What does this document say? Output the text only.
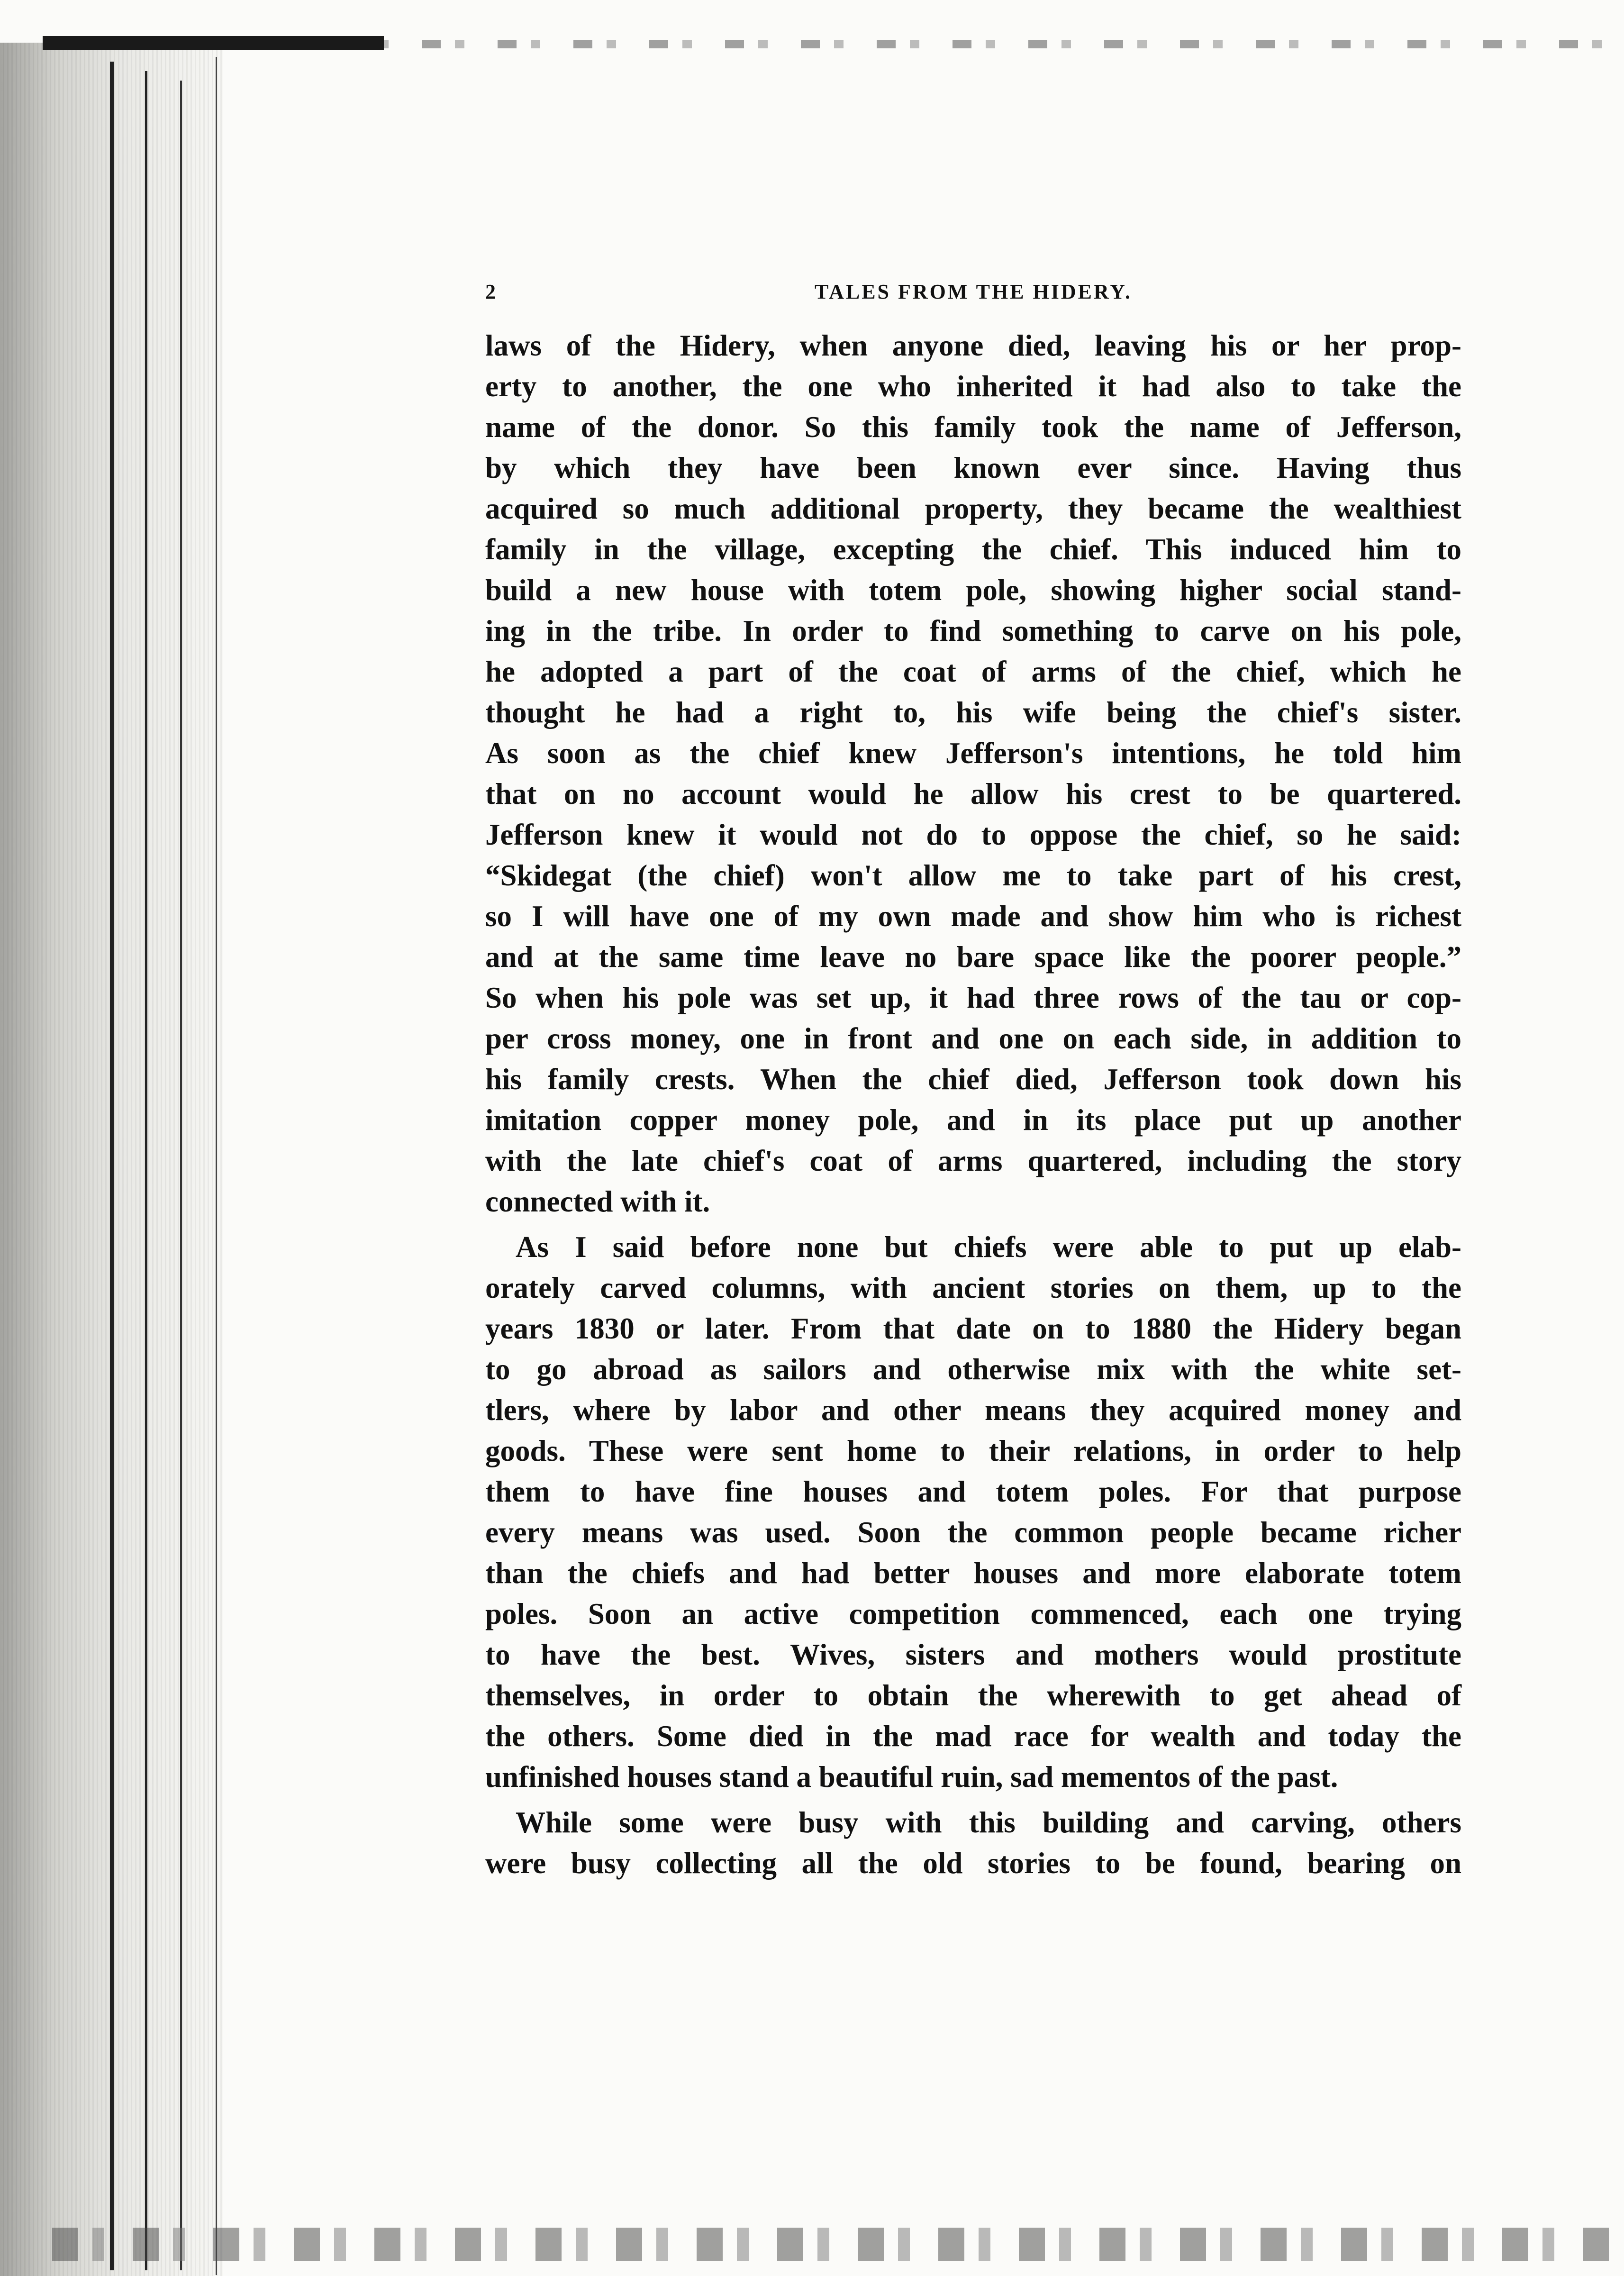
2	TALES FROM THE HIDERY.
laws of the Hidery, when anyone died, leaving his or her prop-
erty to another, the one who inherited it had also to take the
name of the donor. So this family took the name of Jefferson,
by which they have been known ever since. Having thus
acquired so much additional property, they became the wealthiest
family in the village, excepting the chief. This induced him to
build a new house with totem pole, showing higher social stand-
ing in the tribe. In order to find something to carve on his pole,
he adopted a part of the coat of arms of the chief, which he
thought he had a right to, his wife being the chief's sister.
As soon as the chief knew Jefferson's intentions, he told him
that on no account would he allow his crest to be quartered.
Jefferson knew it would not do to oppose the chief, so he said:
“Skidegat (the chief) won't allow me to take part of his crest,
so I will have one of my own made and show him who is richest
and at the same time leave no bare space like the poorer people.”
So when his pole was set up, it had three rows of the tau or cop-
per cross money, one in front and one on each side, in addition to
his family crests. When the chief died, Jefferson took down his
imitation copper money pole, and in its place put up another
with the late chief's coat of arms quartered, including the story
connected with it.
As I said before none but chiefs were able to put up elab-
orately carved columns, with ancient stories on them, up to the
years 1830 or later. From that date on to 1880 the Hidery began
to go abroad as sailors and otherwise mix with the white set-
tlers, where by labor and other means they acquired money and
goods. These were sent home to their relations, in order to help
them to have fine houses and totem poles. For that purpose
every means was used. Soon the common people became richer
than the chiefs and had better houses and more elaborate totem
poles. Soon an active competition commenced, each one trying
to have the best. Wives, sisters and mothers would prostitute
themselves, in order to obtain the wherewith to get ahead of
the others. Some died in the mad race for wealth and today the
unfinished houses stand a beautiful ruin, sad mementos of the past.
While some were busy with this building and carving, others
were busy collecting all the old stories to be found, bearing on
